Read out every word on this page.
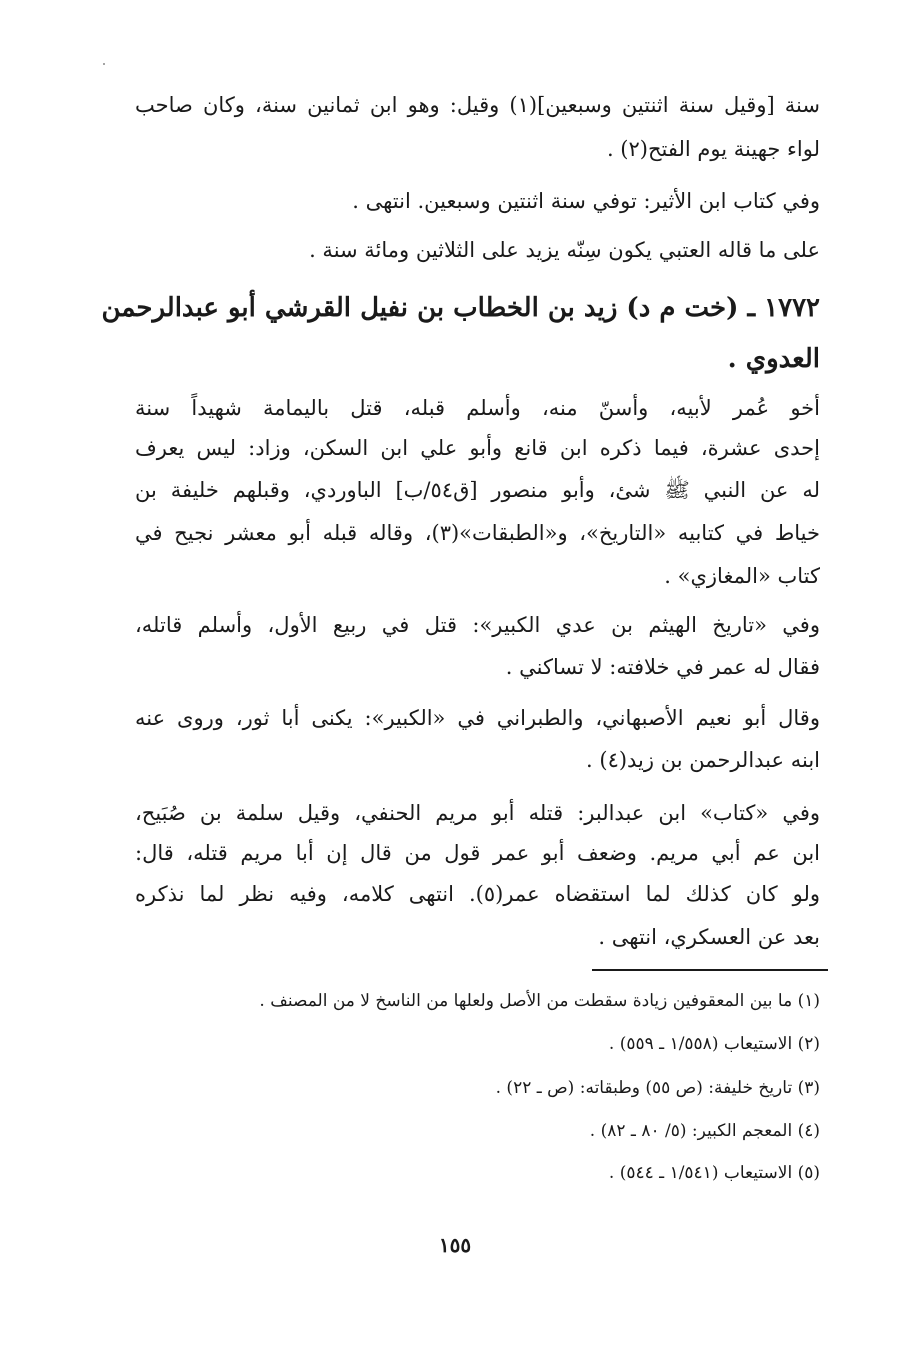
سنة [وقيل سنة اثنتين وسبعين](١) وقيل: وهو ابن ثمانين سنة، وكان صاحب
لواء جهينة يوم الفتح(٢) .
وفي كتاب ابن الأثير: توفي سنة اثنتين وسبعين. انتهى .
على ما قاله العتبي يكون سِنّه يزيد على الثلاثين ومائة سنة .
١٧٧٢ ـ (خت م د) زيد بن الخطاب بن نفيل القرشي أبو عبدالرحمن
العدوي .
أخو عُمر لأبيه، وأسنّ منه، وأسلم قبله، قتل باليمامة شهيداً سنة
إحدى عشرة، فيما ذكره ابن قانع وأبو علي ابن السكن، وزاد: ليس يعرف
له عن النبي ﷺ شئ، وأبو منصور [ق٥٤/ب] الباوردي، وقبلهم خليفة بن
خياط في كتابيه «التاريخ»، و«الطبقات»(٣)، وقاله قبله أبو معشر نجيح في
كتاب «المغازي» .
وفي «تاريخ الهيثم بن عدي الكبير»: قتل في ربيع الأول، وأسلم قاتله،
فقال له عمر في خلافته: لا تساكني .
وقال أبو نعيم الأصبهاني، والطبراني في «الكبير»: يكنى أبا ثور، وروى عنه
ابنه عبدالرحمن بن زيد(٤) .
وفي «كتاب» ابن عبدالبر: قتله أبو مريم الحنفي، وقيل سلمة بن صُبَيح،
ابن عم أبي مريم. وضعف أبو عمر قول من قال إن أبا مريم قتله، قال:
ولو كان كذلك لما استقضاه عمر(٥). انتهى كلامه، وفيه نظر لما نذكره
بعد عن العسكري، انتهى .
(١) ما بين المعقوفين زيادة سقطت من الأصل ولعلها من الناسخ لا من المصنف .
(٢) الاستيعاب (١/٥٥٨ ـ ٥٥٩) .
(٣) تاريخ خليفة: (ص ٥٥) وطبقاته: (ص ـ ٢٢) .
(٤) المعجم الكبير: (٥/ ٨٠ ـ ٨٢) .
(٥) الاستيعاب (١/٥٤١ ـ ٥٤٤) .
١٥٥
